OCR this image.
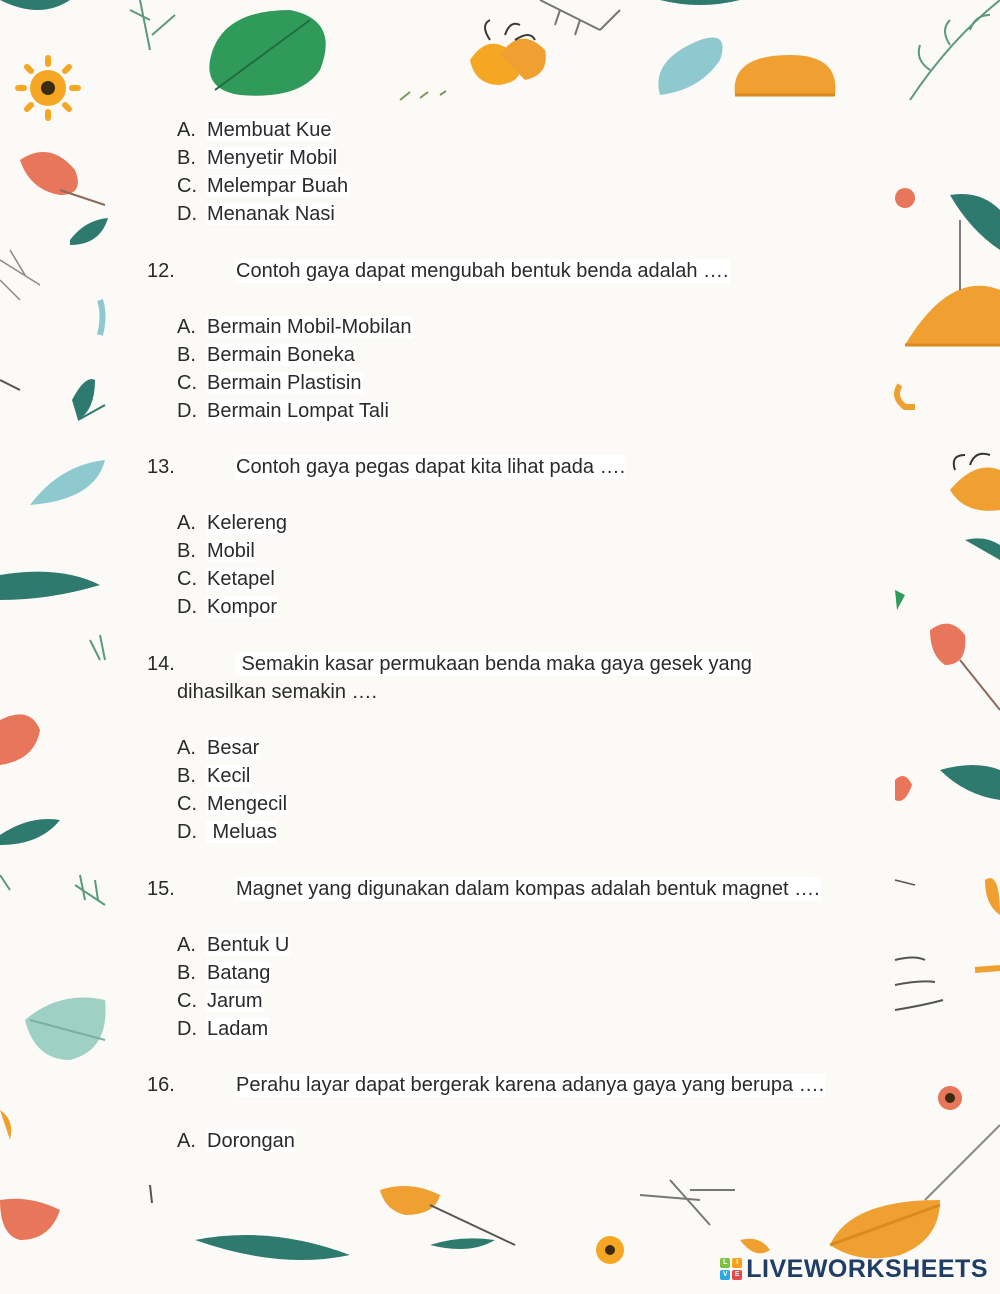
A. Membuat Kue
B. Menyetir Mobil
C. Melempar Buah
D. Menanak Nasi
12.	Contoh gaya dapat mengubah bentuk benda adalah ….
A. Bermain Mobil-Mobilan
B. Bermain Boneka
C. Bermain Plastisin
D. Bermain Lompat Tali
13.	Contoh gaya pegas dapat kita lihat pada ….
A. Kelereng
B. Mobil
C. Ketapel
D. Kompor
14.	Semakin kasar permukaan benda maka gaya gesek yang
dihasilkan semakin ….
A. Besar
B. Kecil
C. Mengecil
D. Meluas
15.	Magnet yang digunakan dalam kompas adalah bentuk magnet ….
A. Bentuk U
B. Batang
C. Jarum
D. Ladam
16.	Perahu layar dapat bergerak karena adanya gaya yang berupa ….
A. Dorongan
L	I
V	E LIVEWORKSHEETS
